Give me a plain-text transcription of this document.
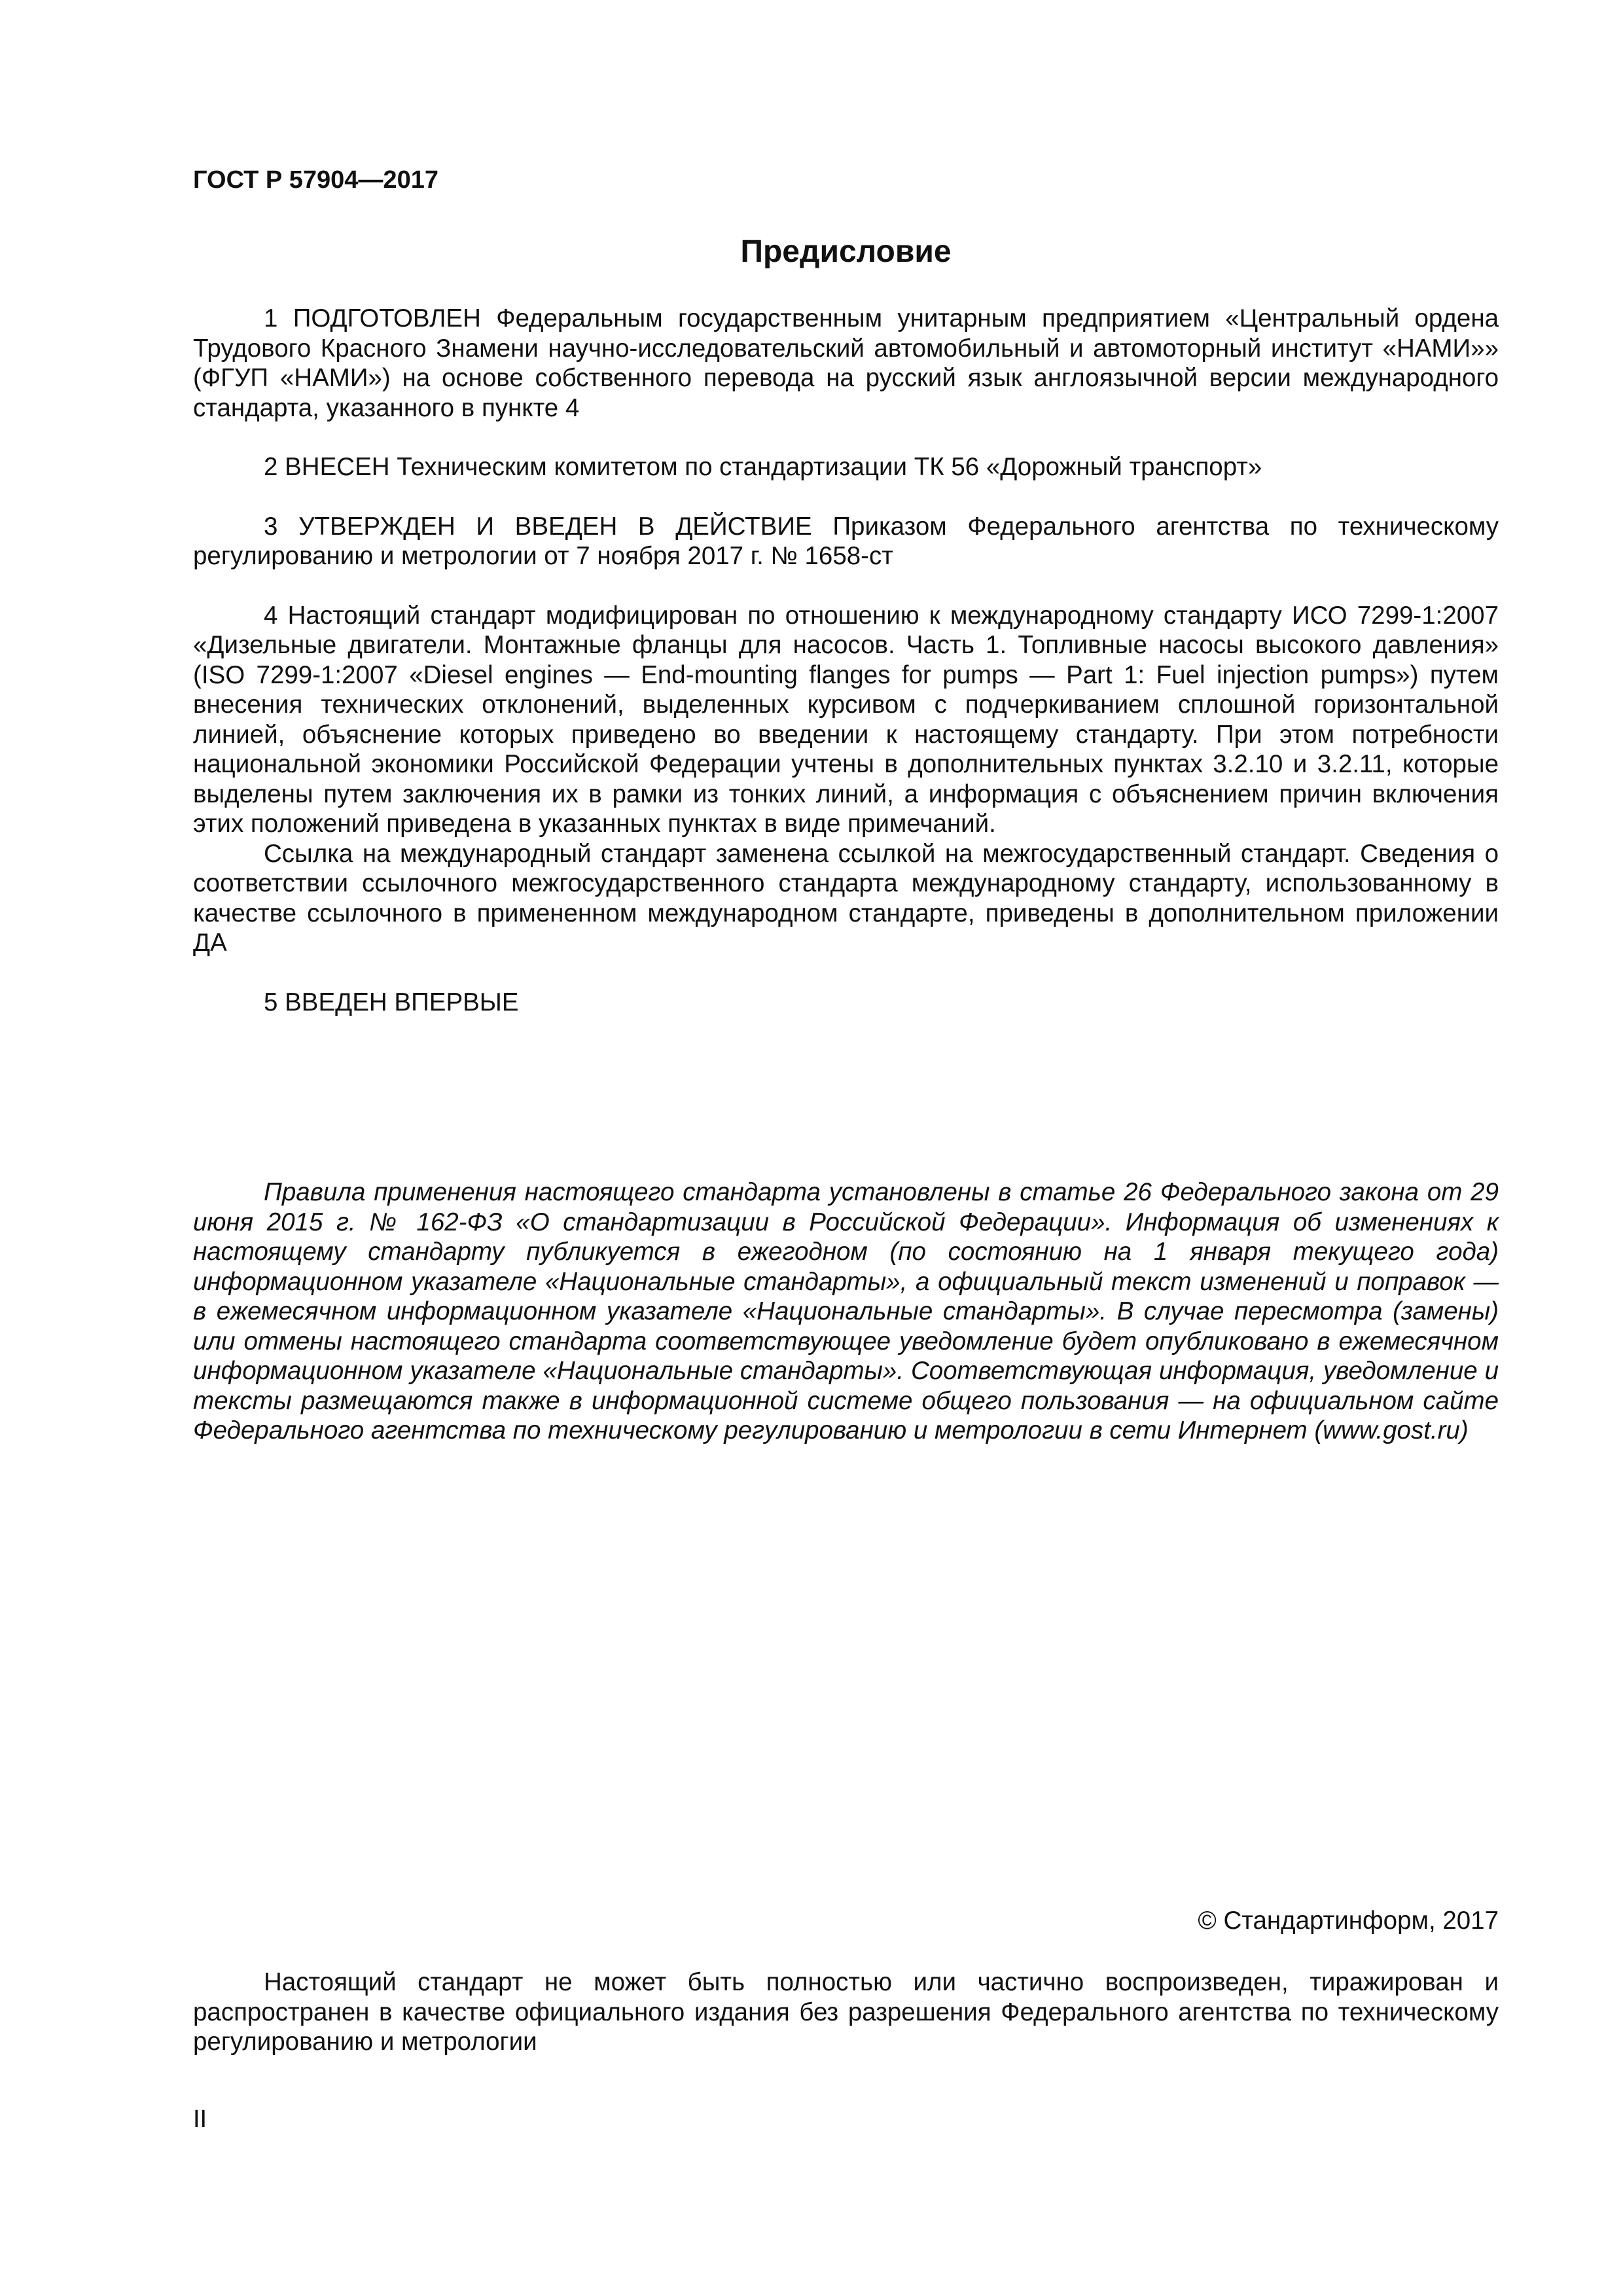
ГОСТ Р 57904—2017

Предисловие

1 ПОДГОТОВЛЕН Федеральным государственным унитарным предприятием «Центральный ордена Трудового Красного Знамени научно-исследовательский автомобильный и автомоторный институт «НАМИ»» (ФГУП «НАМИ») на основе собственного перевода на русский язык англоязычной версии международного стандарта, указанного в пункте 4

2 ВНЕСЕН Техническим комитетом по стандартизации ТК 56 «Дорожный транспорт»

3 УТВЕРЖДЕН И ВВЕДЕН В ДЕЙСТВИЕ Приказом Федерального агентства по техническому регулированию и метрологии от 7 ноября 2017 г. № 1658-ст

4 Настоящий стандарт модифицирован по отношению к международному стандарту ИСО 7299-1:2007 «Дизельные двигатели. Монтажные фланцы для насосов. Часть 1. Топливные насосы высокого давления» (ISO 7299-1:2007 «Diesel engines — End-mounting flanges for pumps — Part 1: Fuel injection pumps») путем внесения технических отклонений, выделенных курсивом с подчеркиванием сплошной горизонтальной линией, объяснение которых приведено во введении к настоящему стандарту. При этом потребности национальной экономики Российской Федерации учтены в дополнительных пунктах 3.2.10 и 3.2.11, которые выделены путем заключения их в рамки из тонких линий, а информация с объяснением причин включения этих положений приведена в указанных пунктах в виде примечаний.

Ссылка на международный стандарт заменена ссылкой на межгосударственный стандарт. Сведения о соответствии ссылочного межгосударственного стандарта международному стандарту, использованному в качестве ссылочного в примененном международном стандарте, приведены в дополнительном приложении ДА

5 ВВЕДЕН ВПЕРВЫЕ

Правила применения настоящего стандарта установлены в статье 26 Федерального закона от 29 июня 2015 г. № 162-ФЗ «О стандартизации в Российской Федерации». Информация об изменениях к настоящему стандарту публикуется в ежегодном (по состоянию на 1 января текущего года) информационном указателе «Национальные стандарты», а официальный текст изменений и поправок — в ежемесячном информационном указателе «Национальные стандарты». В случае пересмотра (замены) или отмены настоящего стандарта соответствующее уведомление будет опубликовано в ежемесячном информационном указателе «Национальные стандарты». Соответствующая информация, уведомление и тексты размещаются также в информационной системе общего пользования — на официальном сайте Федерального агентства по техническому регулированию и метрологии в сети Интернет (www.gost.ru)

© Стандартинформ, 2017

Настоящий стандарт не может быть полностью или частично воспроизведен, тиражирован и распространен в качестве официального издания без разрешения Федерального агентства по техническому регулированию и метрологии

II
